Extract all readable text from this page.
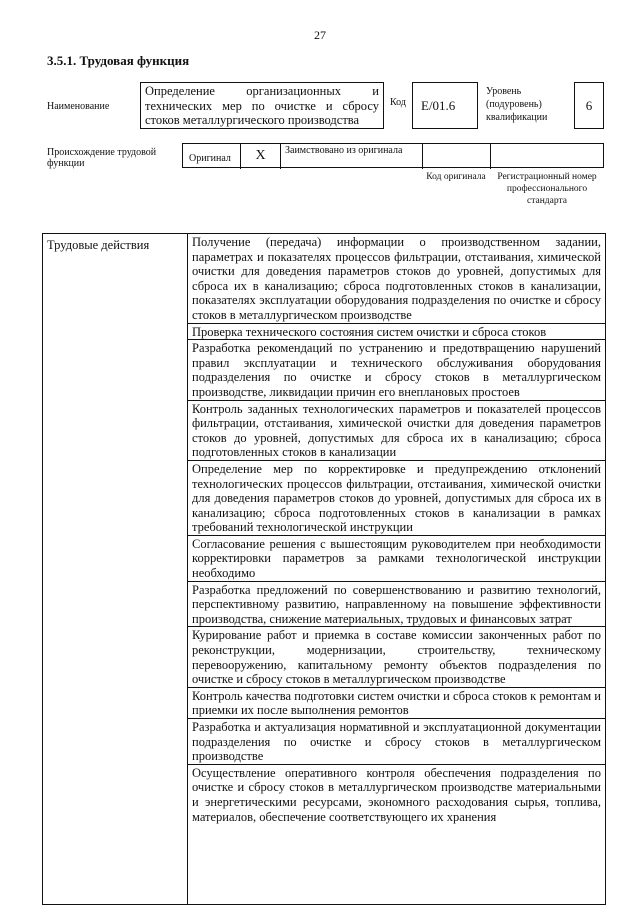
27
3.5.1. Трудовая функция
Наименование
Определение организационных и технических мер по очистке и сбросу стоков металлургического производства
Код	E/01.6
Уровень (подуровень) квалификации
6
Происхождение трудовой функции	Оригинал	X	Заимствовано из оригинала
Код оригинала	Регистрационный номер профессионального стандарта
Трудовые действия	Получение (передача) информации о производственном задании, параметрах и показателях процессов фильтрации, отстаивания, химической очистки для доведения параметров стоков до уровней, допустимых для сброса их в канализацию; сброса подготовленных стоков в канализации, показателях эксплуатации оборудования подразделения по очистке и сбросу стоков в металлургическом производстве
Проверка технического состояния систем очистки и сброса стоков
Разработка рекомендаций по устранению и предотвращению нарушений правил эксплуатации и технического обслуживания оборудования подразделения по очистке и сбросу стоков в металлургическом производстве, ликвидации причин его внеплановых простоев
Контроль заданных технологических параметров и показателей процессов фильтрации, отстаивания, химической очистки для доведения параметров стоков до уровней, допустимых для сброса их в канализацию; сброса подготовленных стоков в канализации
Определение мер по корректировке и предупреждению отклонений технологических процессов фильтрации, отстаивания, химической очистки для доведения параметров стоков до уровней, допустимых для сброса их в канализацию; сброса подготовленных стоков в канализации в рамках требований технологической инструкции
Согласование решения с вышестоящим руководителем при необходимости корректировки параметров за рамками технологической инструкции необходимо
Разработка предложений по совершенствованию и развитию технологий, перспективному развитию, направленному на повышение эффективности производства, снижение материальных, трудовых и финансовых затрат
Курирование работ и приемка в составе комиссии законченных работ по реконструкции, модернизации, строительству, техническому перевооружению, капитальному ремонту объектов подразделения по очистке и сбросу стоков в металлургическом производстве
Контроль качества подготовки систем очистки и сброса стоков к ремонтам и приемки их после выполнения ремонтов
Разработка и актуализация нормативной и эксплуатационной документации подразделения по очистке и сбросу стоков в металлургическом производстве
Осуществление оперативного контроля обеспечения подразделения по очистке и сбросу стоков в металлургическом производстве материальными и энергетическими ресурсами, экономного расходования сырья, топлива, материалов, обеспечение соответствующего их хранения
